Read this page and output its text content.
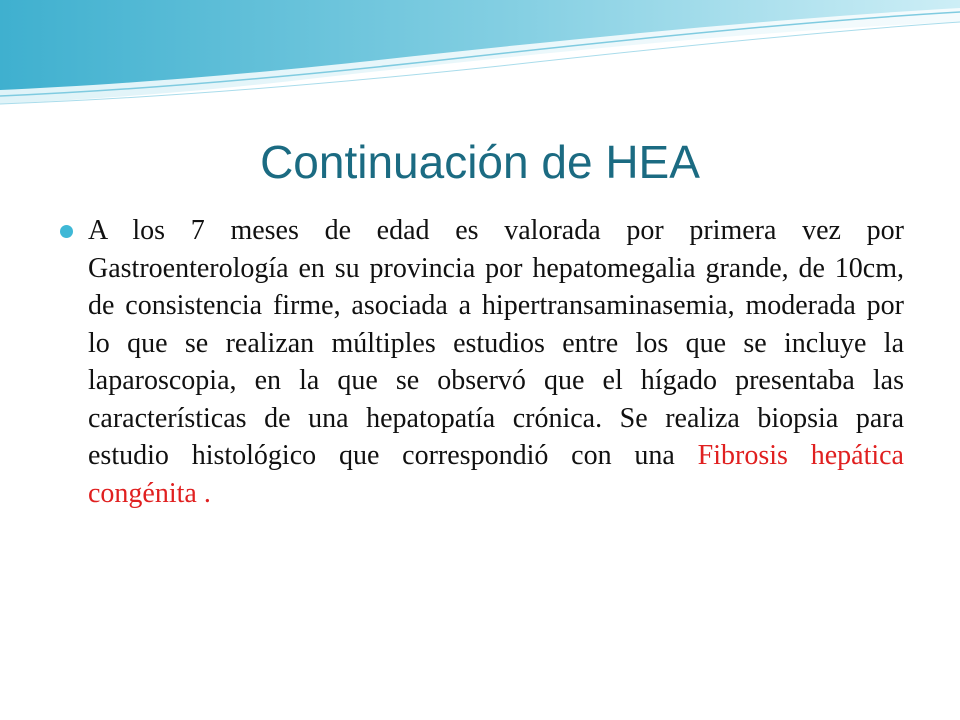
Continuación de HEA

A los 7 meses de edad es valorada por primera vez por Gastroenterología en su provincia por hepatomegalia grande, de 10cm, de consistencia firme, asociada a hipertransaminasemia, moderada por lo que se realizan múltiples estudios entre los que se incluye la laparoscopia, en la que se observó que el hígado presentaba las características de una hepatopatía crónica. Se realiza biopsia para estudio histológico que correspondió con una Fibrosis hepática congénita .
